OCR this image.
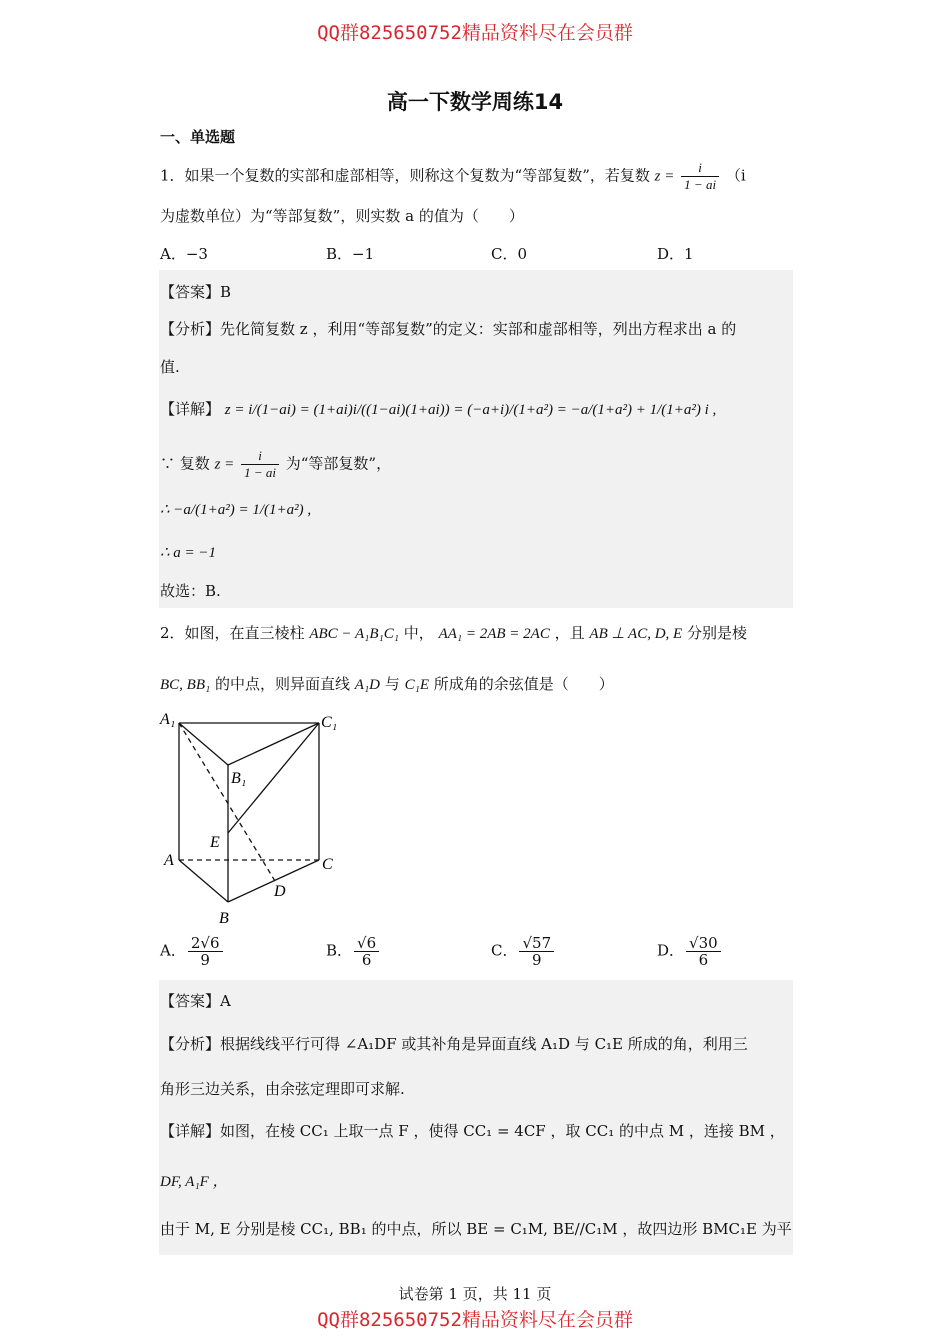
QQ群825650752精品资料尽在会员群
QQ群825650752精品资料尽在会员群
高一下数学周练14
一、单选题
1．如果一个复数的实部和虚部相等，则称这个复数为“等部复数”，若复数 $z = \frac{i}{1 - ai} (i$
为虚数单位）为“等部复数”，则实数 a 的值为（　　）
A．−3	B．−1	C．0	D．1
【答案】B
【分析】先化简复数 z ，利用“等部复数”的定义：实部和虚部相等，列出方程求出 a 的
值.
【详解】 z = i/(1−ai) = (1+ai)i/((1−ai)(1+ai)) = (−a+i)/(1+a²) = −a/(1+a²) + 1/(1+a²) i ,
∵ 复数 $z = \frac{i}{1 - ai}$ 为“等部复数”，
∴ −a/(1+a²) = 1/(1+a²) ,
∴ a = −1
故选：B.
2．如图，在直三棱柱 ABC − A₁B₁C₁ 中， AA₁ = 2AB = 2AC ，且 AB ⊥ AC, D, E 分别是棱
BC, BB₁ 的中点，则异面直线 A₁D 与 C₁E 所成角的余弦值是（　　）
A₁	C₁
B₁
E
A	C
D
B
A． $\frac{2√6}{9}$	B． $\frac{√6}{6}$	C． $\frac{√57}{9}$	D． $\frac{√30}{6}$
【答案】A
【分析】根据线线平行可得 ∠A₁DF 或其补角是异面直线 A₁D 与 C₁E 所成的角，利用三
角形三边关系，由余弦定理即可求解.
【详解】如图，在棱 CC₁ 上取一点 F ，使得 CC₁ = 4CF ，取 CC₁ 的中点 M ，连接 BM ，
DF, A₁F ，
由于 M, E 分别是棱 CC₁, BB₁ 的中点，所以 BE = C₁M, BE//C₁M ，故四边形 BMC₁E 为平
试卷第 1 页，共 11 页
